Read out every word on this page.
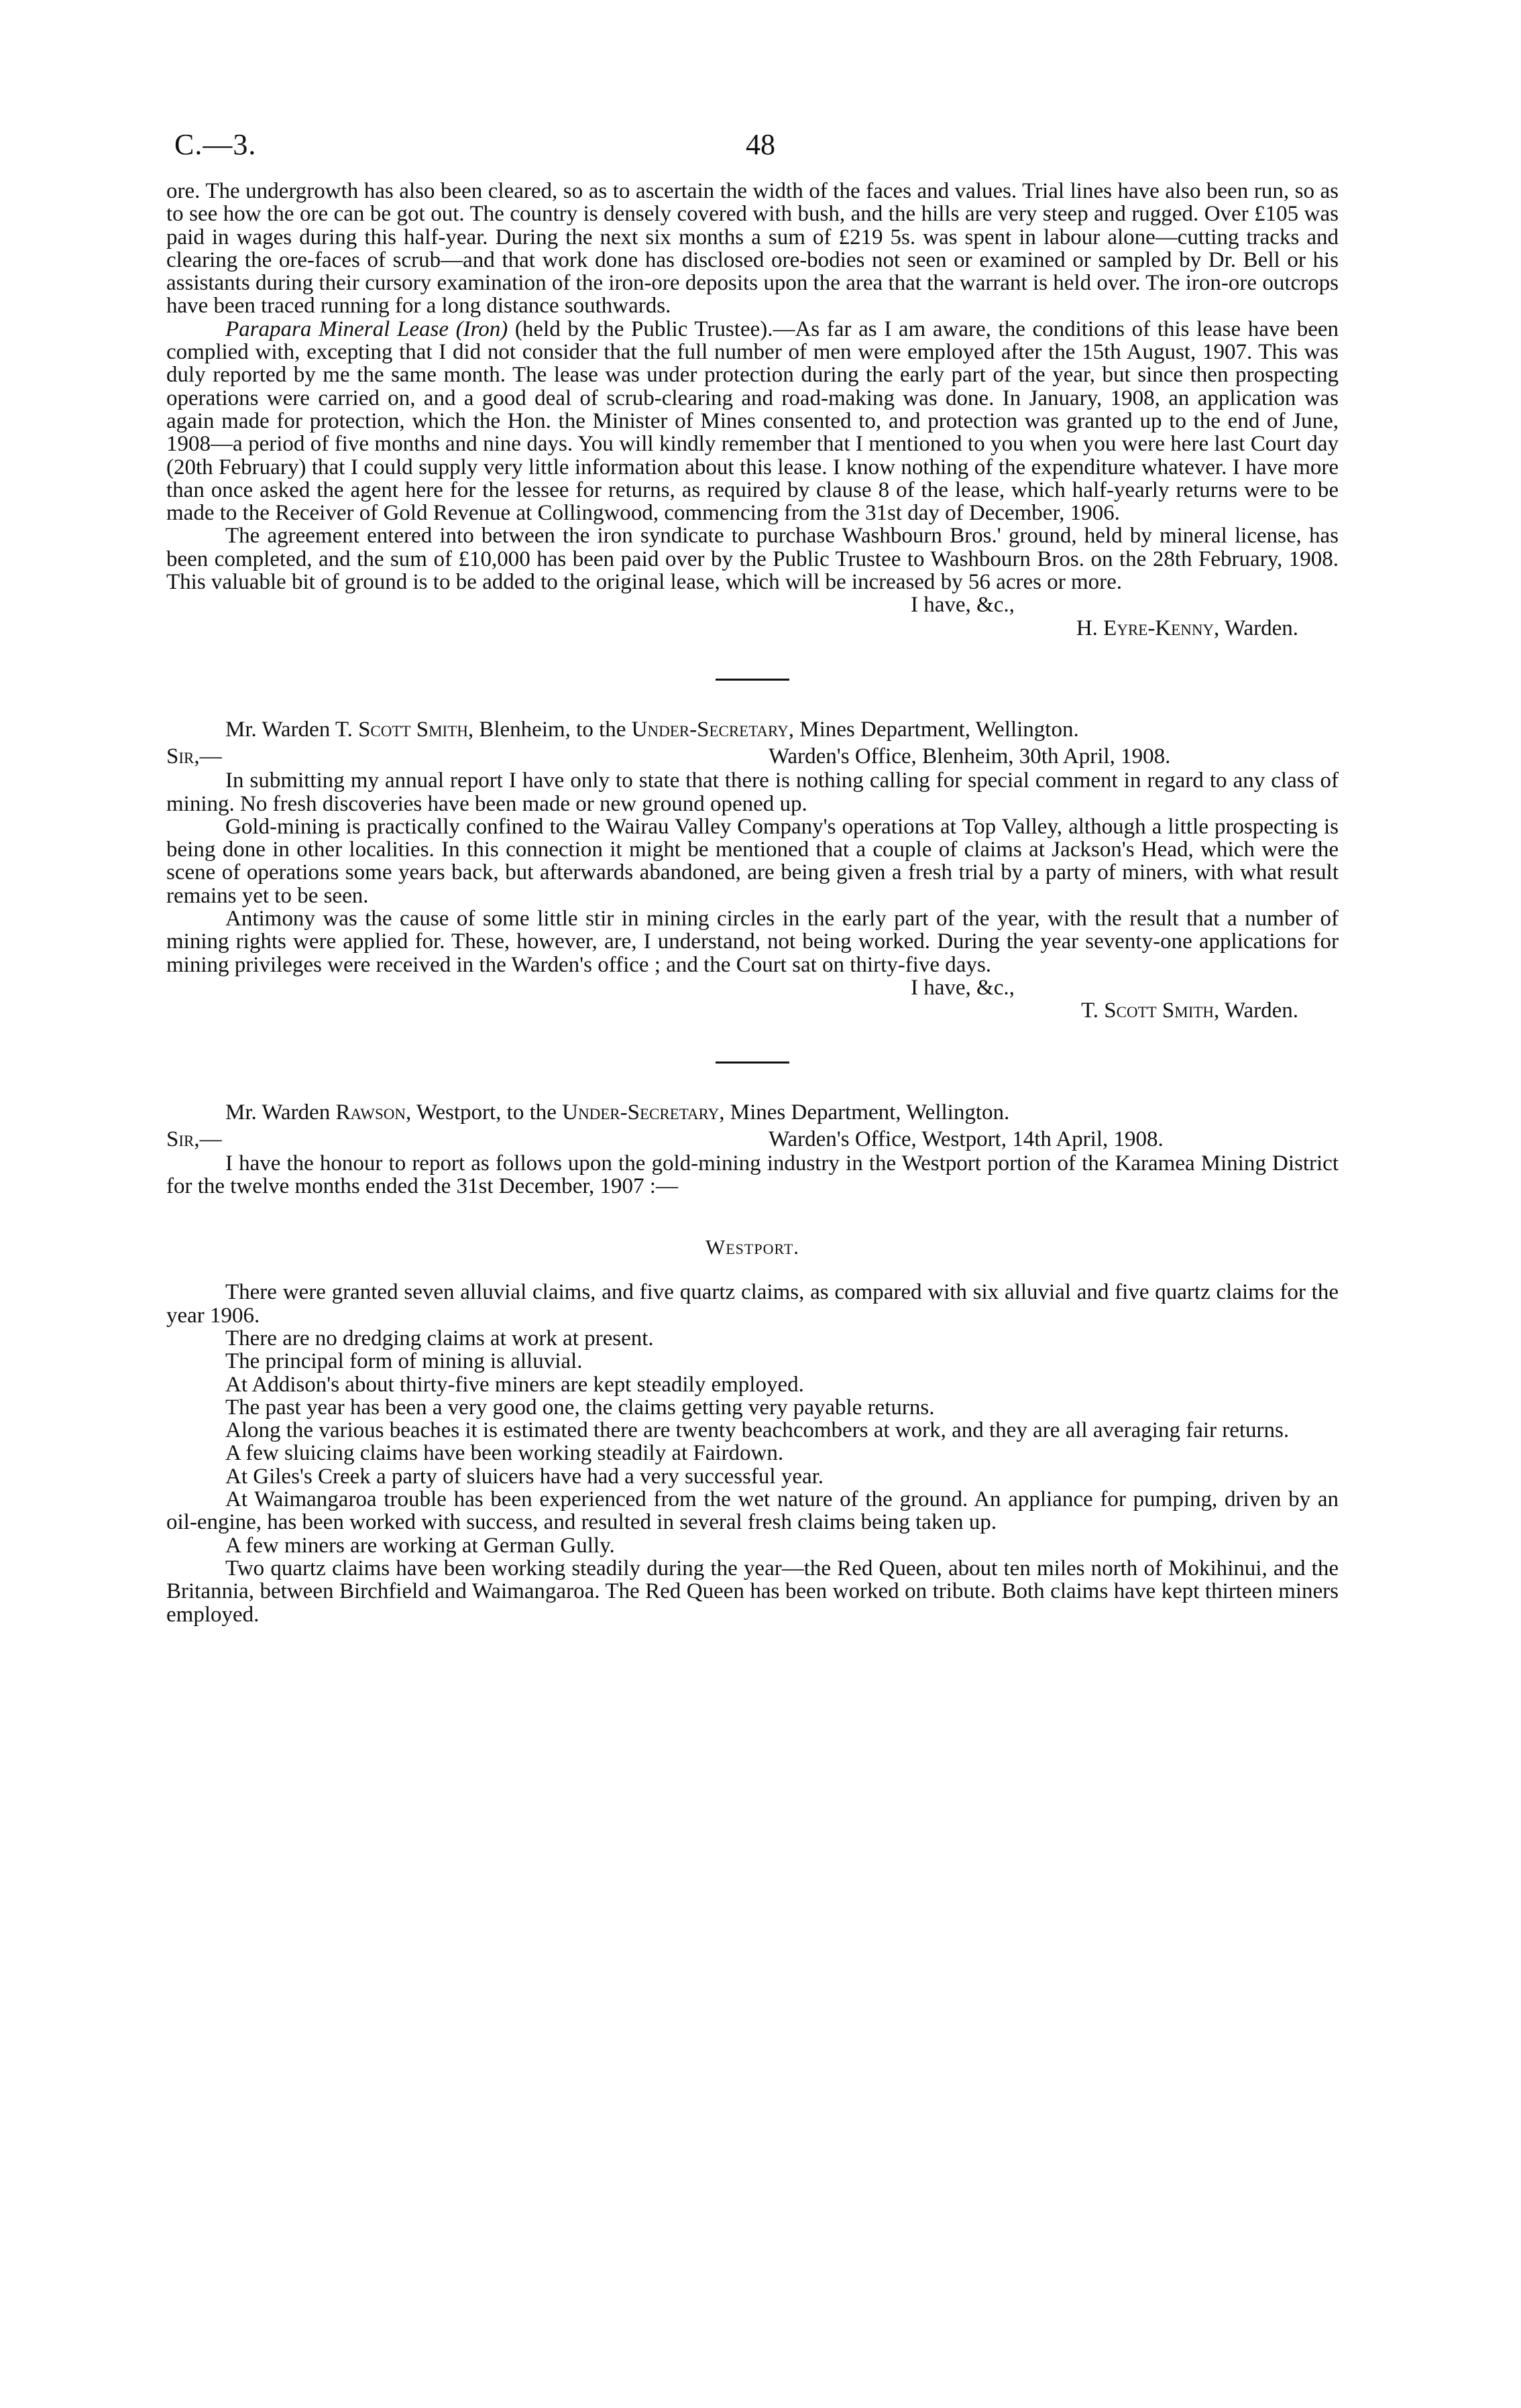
C.—3.	48

ore. The undergrowth has also been cleared, so as to ascertain the width of the faces and values. Trial lines have also been run, so as to see how the ore can be got out. The country is densely covered with bush, and the hills are very steep and rugged. Over £105 was paid in wages during this half-year. During the next six months a sum of £219 5s. was spent in labour alone—cutting tracks and clearing the ore-faces of scrub—and that work done has disclosed ore-bodies not seen or examined or sampled by Dr. Bell or his assistants during their cursory examination of the iron-ore deposits upon the area that the warrant is held over. The iron-ore outcrops have been traced running for a long distance southwards.

Parapara Mineral Lease (Iron) (held by the Public Trustee).—As far as I am aware, the conditions of this lease have been complied with, excepting that I did not consider that the full number of men were employed after the 15th August, 1907. This was duly reported by me the same month. The lease was under protection during the early part of the year, but since then prospecting operations were carried on, and a good deal of scrub-clearing and road-making was done. In January, 1908, an application was again made for protection, which the Hon. the Minister of Mines consented to, and protection was granted up to the end of June, 1908—a period of five months and nine days. You will kindly remember that I mentioned to you when you were here last Court day (20th February) that I could supply very little information about this lease. I know nothing of the expenditure whatever. I have more than once asked the agent here for the lessee for returns, as required by clause 8 of the lease, which half-yearly returns were to be made to the Receiver of Gold Revenue at Collingwood, commencing from the 31st day of December, 1906.

The agreement entered into between the iron syndicate to purchase Washbourn Bros.' ground, held by mineral license, has been completed, and the sum of £10,000 has been paid over by the Public Trustee to Washbourn Bros. on the 28th February, 1908. This valuable bit of ground is to be added to the original lease, which will be increased by 56 acres or more.

I have, &c.,

H. Eyre-Kenny, Warden.

Mr. Warden T. Scott Smith, Blenheim, to the Under-Secretary, Mines Department, Wellington.

Sir,—	Warden's Office, Blenheim, 30th April, 1908.

In submitting my annual report I have only to state that there is nothing calling for special comment in regard to any class of mining. No fresh discoveries have been made or new ground opened up.

Gold-mining is practically confined to the Wairau Valley Company's operations at Top Valley, although a little prospecting is being done in other localities. In this connection it might be mentioned that a couple of claims at Jackson's Head, which were the scene of operations some years back, but afterwards abandoned, are being given a fresh trial by a party of miners, with what result remains yet to be seen.

Antimony was the cause of some little stir in mining circles in the early part of the year, with the result that a number of mining rights were applied for. These, however, are, I understand, not being worked. During the year seventy-one applications for mining privileges were received in the Warden's office ; and the Court sat on thirty-five days.

I have, &c.,

T. Scott Smith, Warden.

Mr. Warden Rawson, Westport, to the Under-Secretary, Mines Department, Wellington.

Sir,—	Warden's Office, Westport, 14th April, 1908.

I have the honour to report as follows upon the gold-mining industry in the Westport portion of the Karamea Mining District for the twelve months ended the 31st December, 1907 :—

Westport.

There were granted seven alluvial claims, and five quartz claims, as compared with six alluvial and five quartz claims for the year 1906.

There are no dredging claims at work at present.

The principal form of mining is alluvial.

At Addison's about thirty-five miners are kept steadily employed.

The past year has been a very good one, the claims getting very payable returns.

Along the various beaches it is estimated there are twenty beachcombers at work, and they are all averaging fair returns.

A few sluicing claims have been working steadily at Fairdown.

At Giles's Creek a party of sluicers have had a very successful year.

At Waimangaroa trouble has been experienced from the wet nature of the ground. An appliance for pumping, driven by an oil-engine, has been worked with success, and resulted in several fresh claims being taken up.

A few miners are working at German Gully.

Two quartz claims have been working steadily during the year—the Red Queen, about ten miles north of Mokihinui, and the Britannia, between Birchfield and Waimangaroa. The Red Queen has been worked on tribute. Both claims have kept thirteen miners employed.
